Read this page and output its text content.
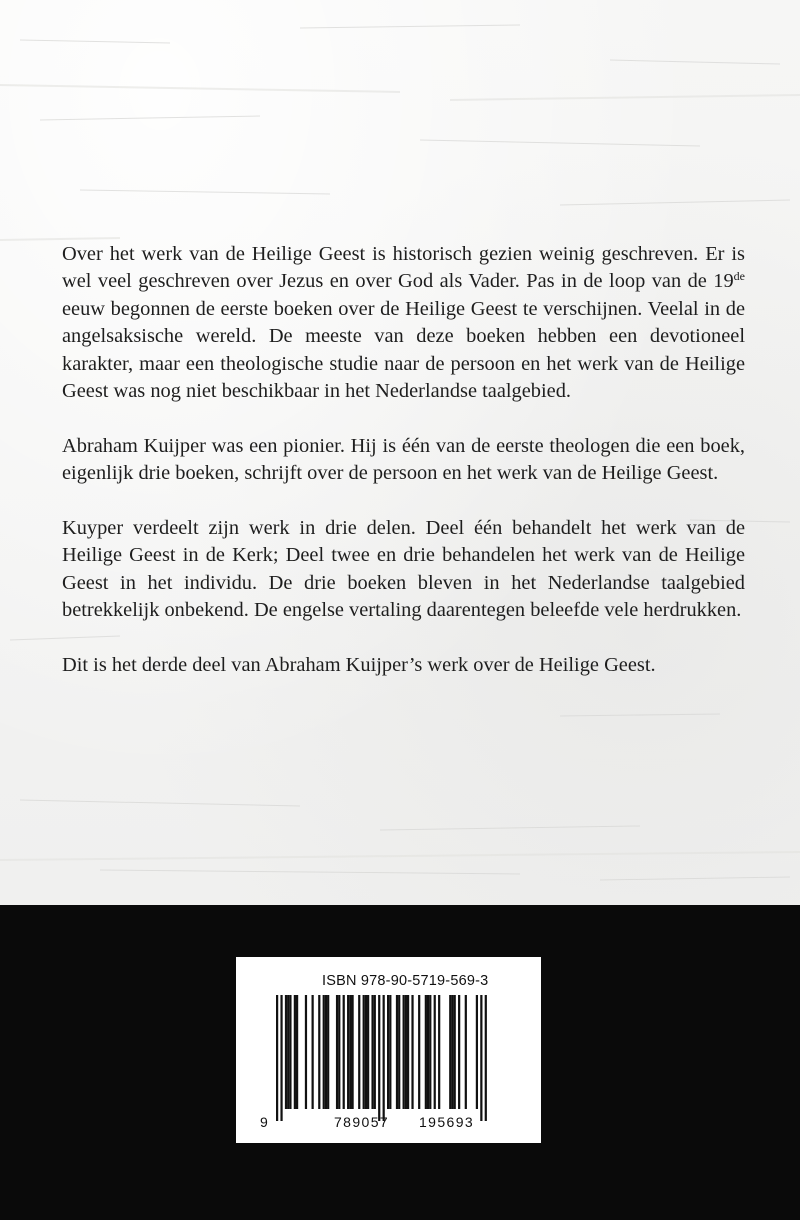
Over het werk van de Heilige Geest is historisch gezien weinig geschreven. Er is wel veel geschreven over Jezus en over God als Vader. Pas in de loop van de 19de eeuw begonnen de eerste boeken over de Heilige Geest te verschijnen. Veelal in de angelsaksische wereld. De meeste van deze boeken hebben een devotioneel karakter, maar een theologische studie naar de persoon en het werk van de Heilige Geest was nog niet beschikbaar in het Nederlandse taalgebied.

Abraham Kuijper was een pionier. Hij is één van de eerste theologen die een boek, eigenlijk drie boeken, schrijft over de persoon en het werk van de Heilige Geest.

Kuyper verdeelt zijn werk in drie delen. Deel één behandelt het werk van de Heilige Geest in de Kerk; Deel twee en drie behandelen het werk van de Heilige Geest in het individu. De drie boeken bleven in het Nederlandse taalgebied betrekkelijk onbekend. De engelse vertaling daarentegen beleefde vele herdrukken.

Dit is het derde deel van Abraham Kuijper’s werk over de Heilige Geest.

ISBN 978-90-5719-569-3
9	789057 195693
